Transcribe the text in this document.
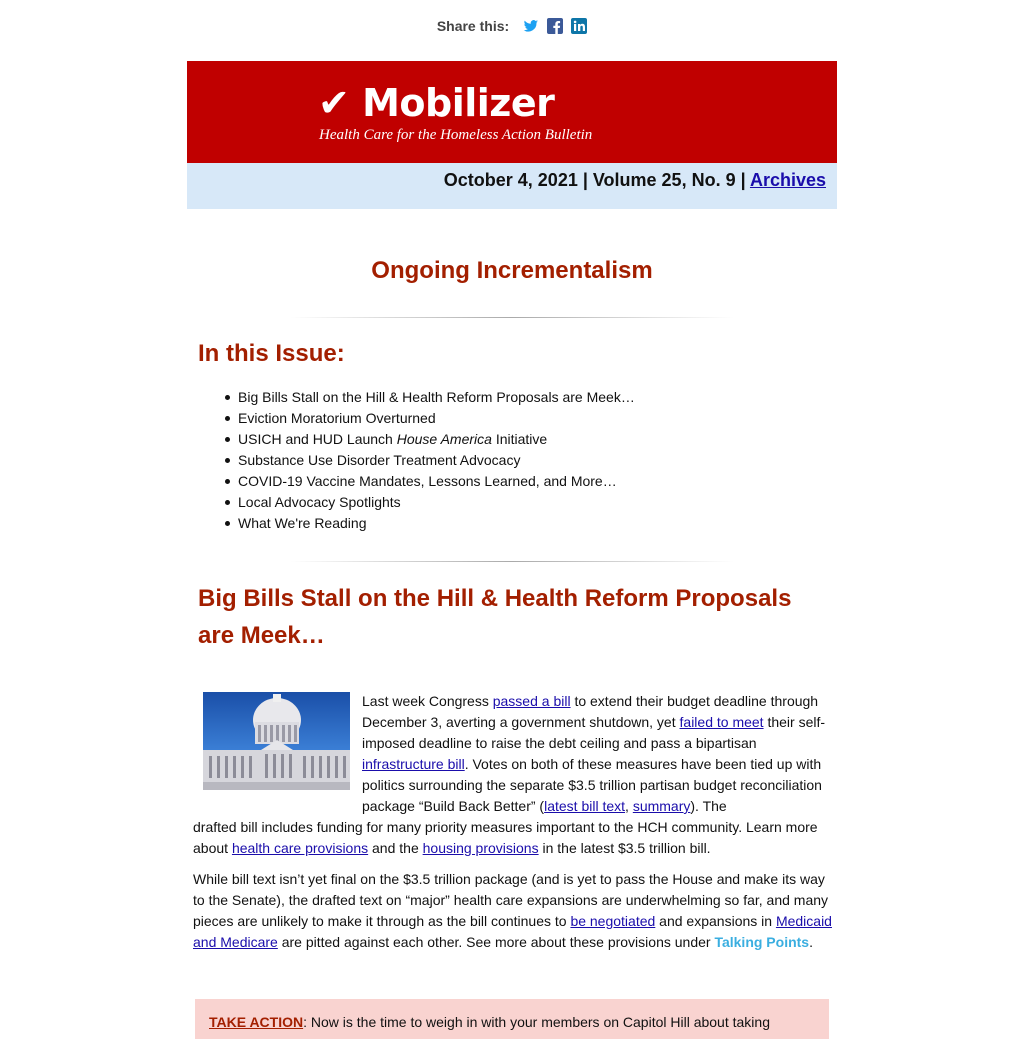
Share this:
✔ Mobilizer
Health Care for the Homeless Action Bulletin
October 4, 2021 | Volume 25, No. 9 | Archives
Ongoing Incrementalism
In this Issue:
Big Bills Stall on the Hill & Health Reform Proposals are Meek…
Eviction Moratorium Overturned
USICH and HUD Launch House America Initiative
Substance Use Disorder Treatment Advocacy
COVID-19 Vaccine Mandates, Lessons Learned, and More…
Local Advocacy Spotlights
What We're Reading
Big Bills Stall on the Hill & Health Reform Proposals are Meek…
Last week Congress passed a bill to extend their budget deadline through December 3, averting a government shutdown, yet failed to meet their self-imposed deadline to raise the debt ceiling and pass a bipartisan infrastructure bill. Votes on both of these measures have been tied up with politics surrounding the separate $3.5 trillion partisan budget reconciliation package “Build Back Better” (latest bill text, summary). The
drafted bill includes funding for many priority measures important to the HCH community. Learn more about health care provisions and the housing provisions in the latest $3.5 trillion bill.
While bill text isn’t yet final on the $3.5 trillion package (and is yet to pass the House and make its way to the Senate), the drafted text on “major” health care expansions are underwhelming so far, and many pieces are unlikely to make it through as the bill continues to be negotiated and expansions in Medicaid and Medicare are pitted against each other. See more about these provisions under Talking Points.
TAKE ACTION: Now is the time to weigh in with your members on Capitol Hill about taking
